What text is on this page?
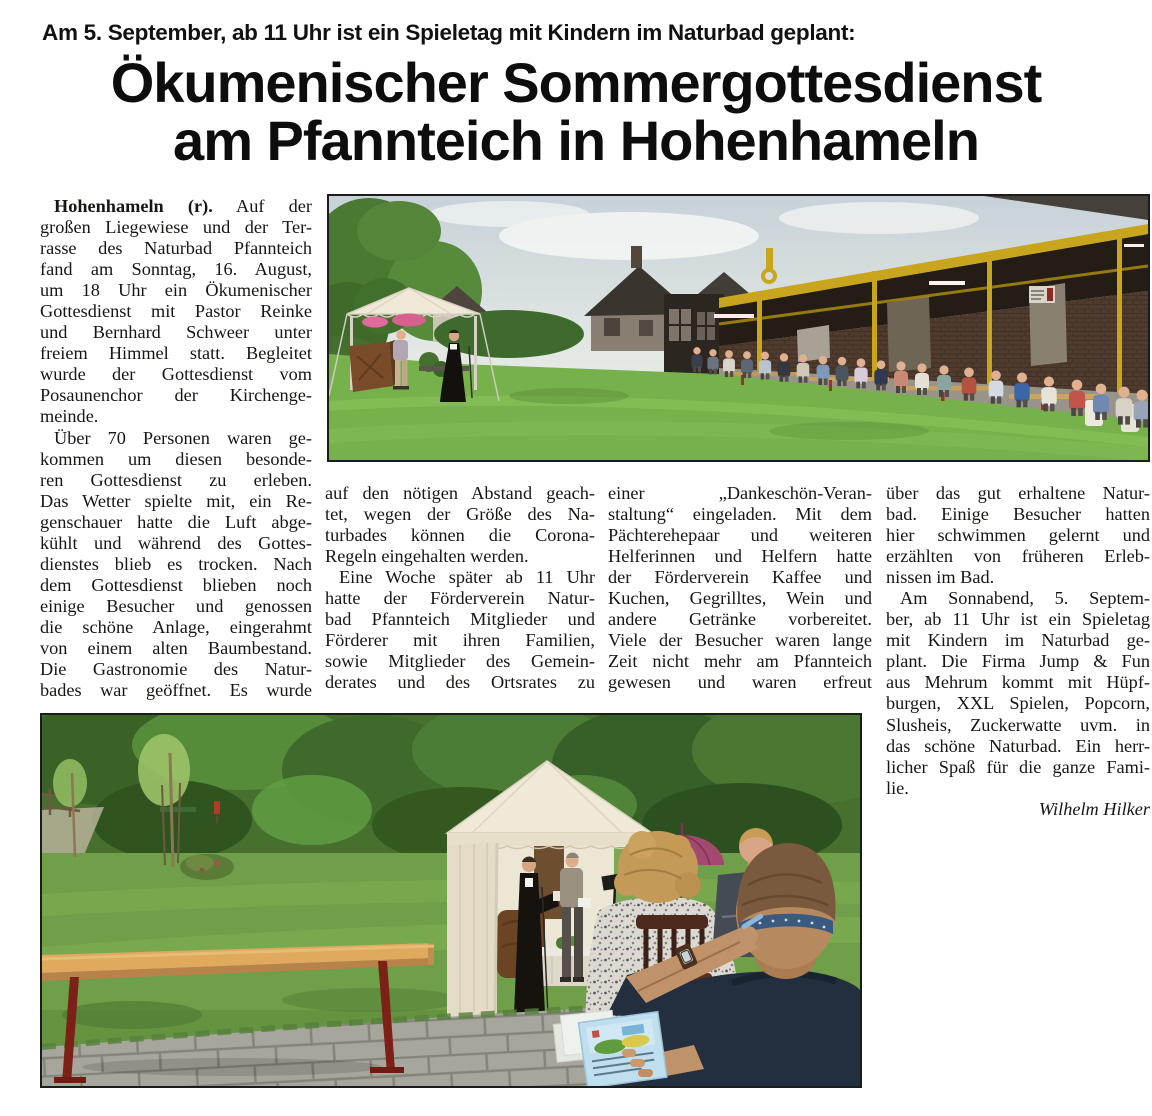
Am 5. September, ab 11 Uhr ist ein Spieletag mit Kindern im Naturbad geplant:
Ökumenischer Sommergottesdienst
am Pfannteich in Hohenhameln
Hohenhameln (r). Auf der
großen Liegewiese und der Ter-
rasse des Naturbad Pfannteich
fand am Sonntag, 16. August,
um 18 Uhr ein Ökumenischer
Gottesdienst mit Pastor Reinke
und Bernhard Schweer unter
freiem Himmel statt. Begleitet
wurde der Gottesdienst vom
Posaunenchor der Kirchenge-
meinde.
Über 70 Personen waren ge-
kommen um diesen besonde-
ren Gottesdienst zu erleben.
Das Wetter spielte mit, ein Re-
genschauer hatte die Luft abge-
kühlt und während des Gottes-
dienstes blieb es trocken. Nach
dem Gottesdienst blieben noch
einige Besucher und genossen
die schöne Anlage, eingerahmt
von einem alten Baumbestand.
Die Gastronomie des Natur-
bades war geöffnet. Es wurde
auf den nötigen Abstand geach-
tet, wegen der Größe des Na-
turbades können die Corona-
Regeln eingehalten werden.
Eine Woche später ab 11 Uhr
hatte der Förderverein Natur-
bad Pfannteich Mitglieder und
Förderer mit ihren Familien,
sowie Mitglieder des Gemein-
derates und des Ortsrates zu
einer „Dankeschön-Veran-
staltung“ eingeladen. Mit dem
Pächterehepaar und weiteren
Helferinnen und Helfern hatte
der Förderverein Kaffee und
Kuchen, Gegrilltes, Wein und
andere Getränke vorbereitet.
Viele der Besucher waren lange
Zeit nicht mehr am Pfannteich
gewesen und waren erfreut
über das gut erhaltene Natur-
bad. Einige Besucher hatten
hier schwimmen gelernt und
erzählten von früheren Erleb-
nissen im Bad.
Am Sonnabend, 5. Septem-
ber, ab 11 Uhr ist ein Spieletag
mit Kindern im Naturbad ge-
plant. Die Firma Jump & Fun
aus Mehrum kommt mit Hüpf-
burgen, XXL Spielen, Popcorn,
Slusheis, Zuckerwatte uvm. in
das schöne Naturbad. Ein herr-
licher Spaß für die ganze Fami-
lie.
Wilhelm Hilker
